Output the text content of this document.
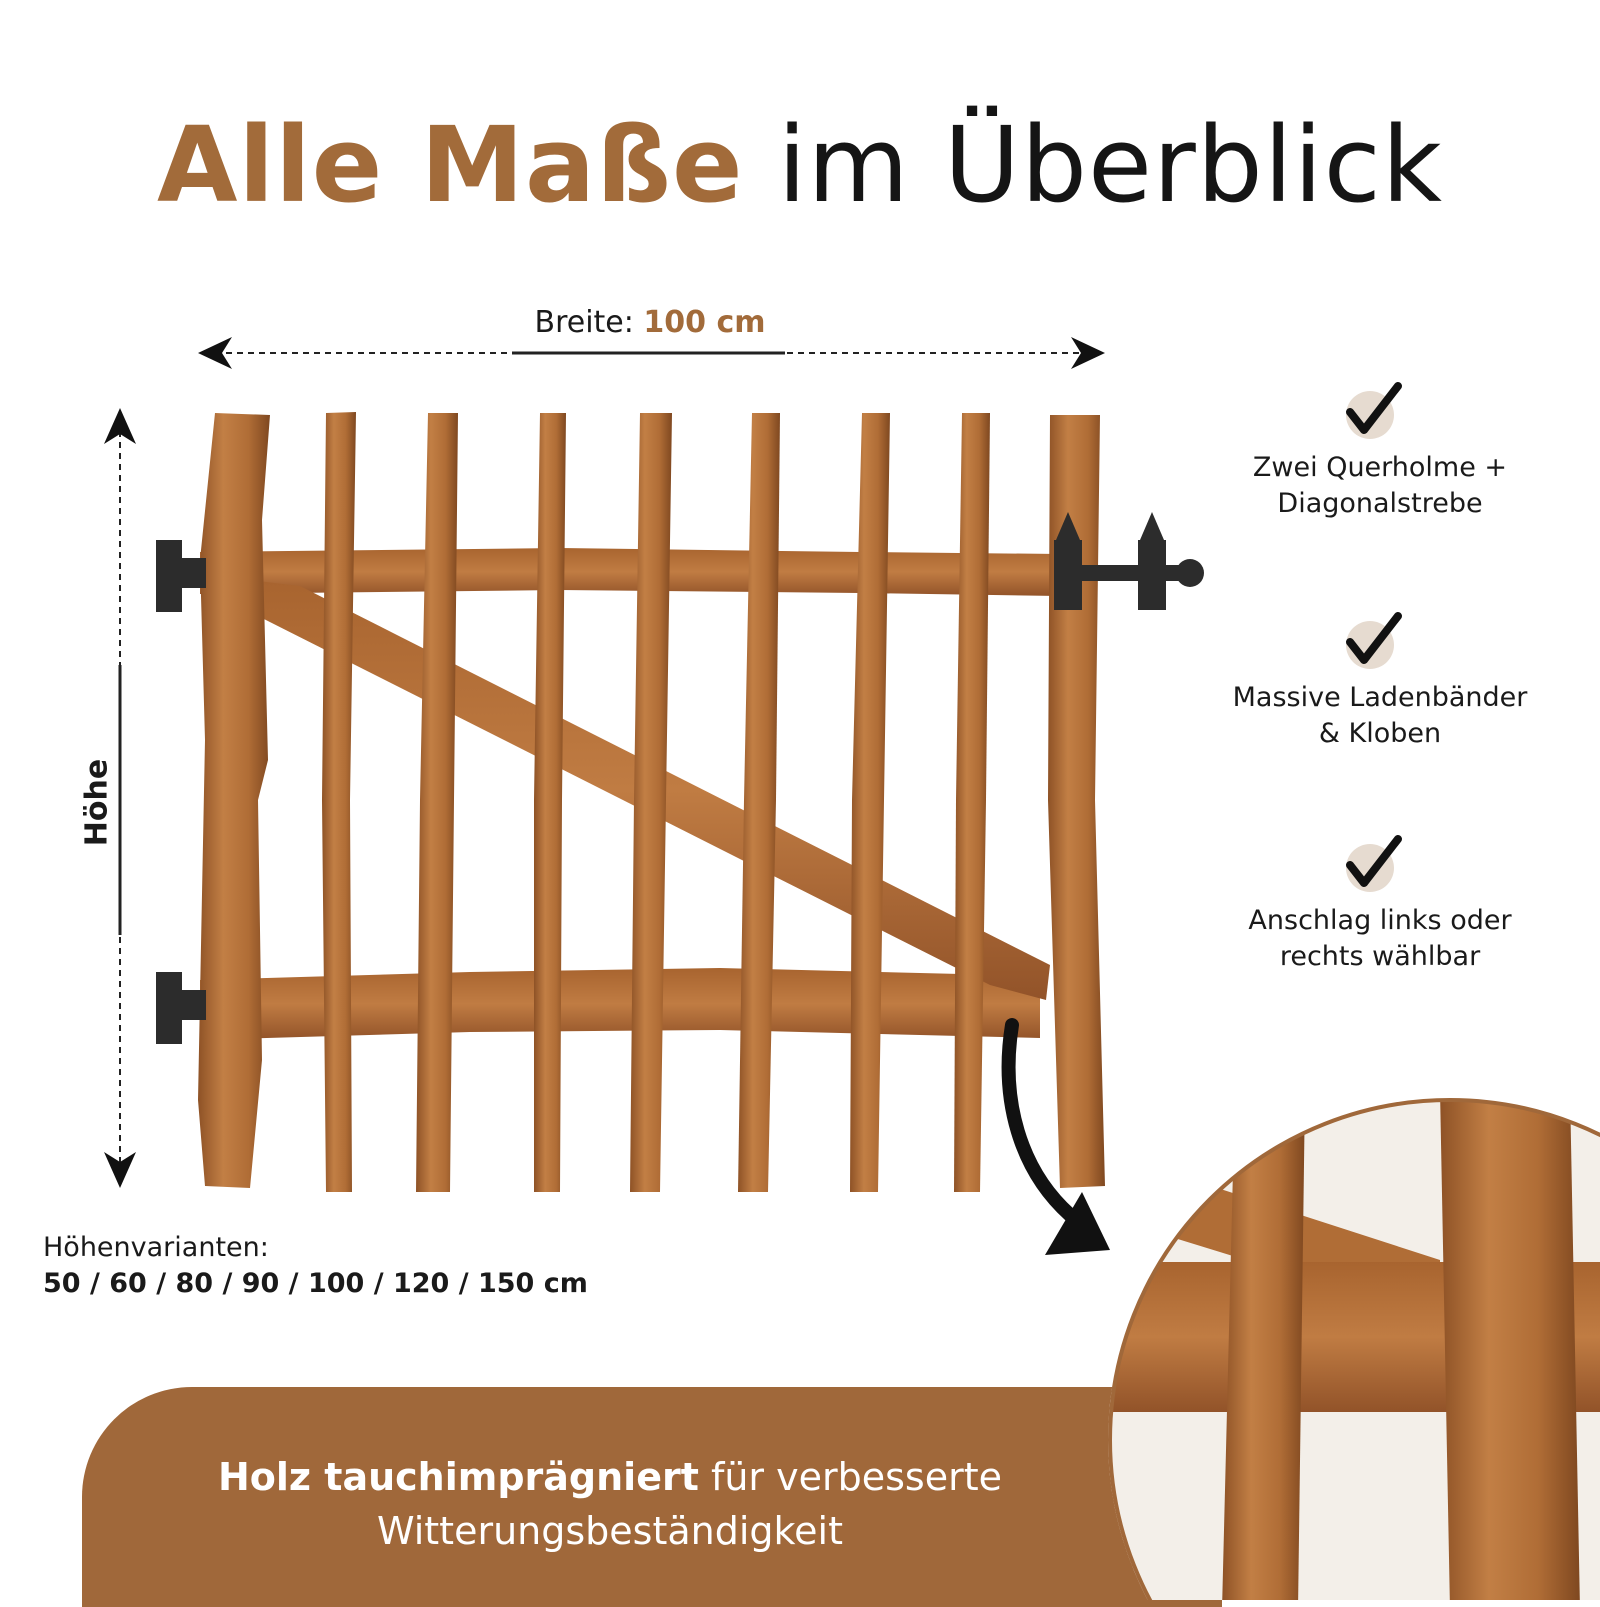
Alle Maße im Überblick
Breite: 100 cm
Höhe
Höhenvarianten:
50 / 60 / 80 / 90 / 100 / 120 / 150 cm
Zwei Querholme +
Diagonalstrebe
Massive Ladenbänder
& Kloben
Anschlag links oder
rechts wählbar
Holz tauchimprägniert für verbesserte
Witterungsbeständigkeit
